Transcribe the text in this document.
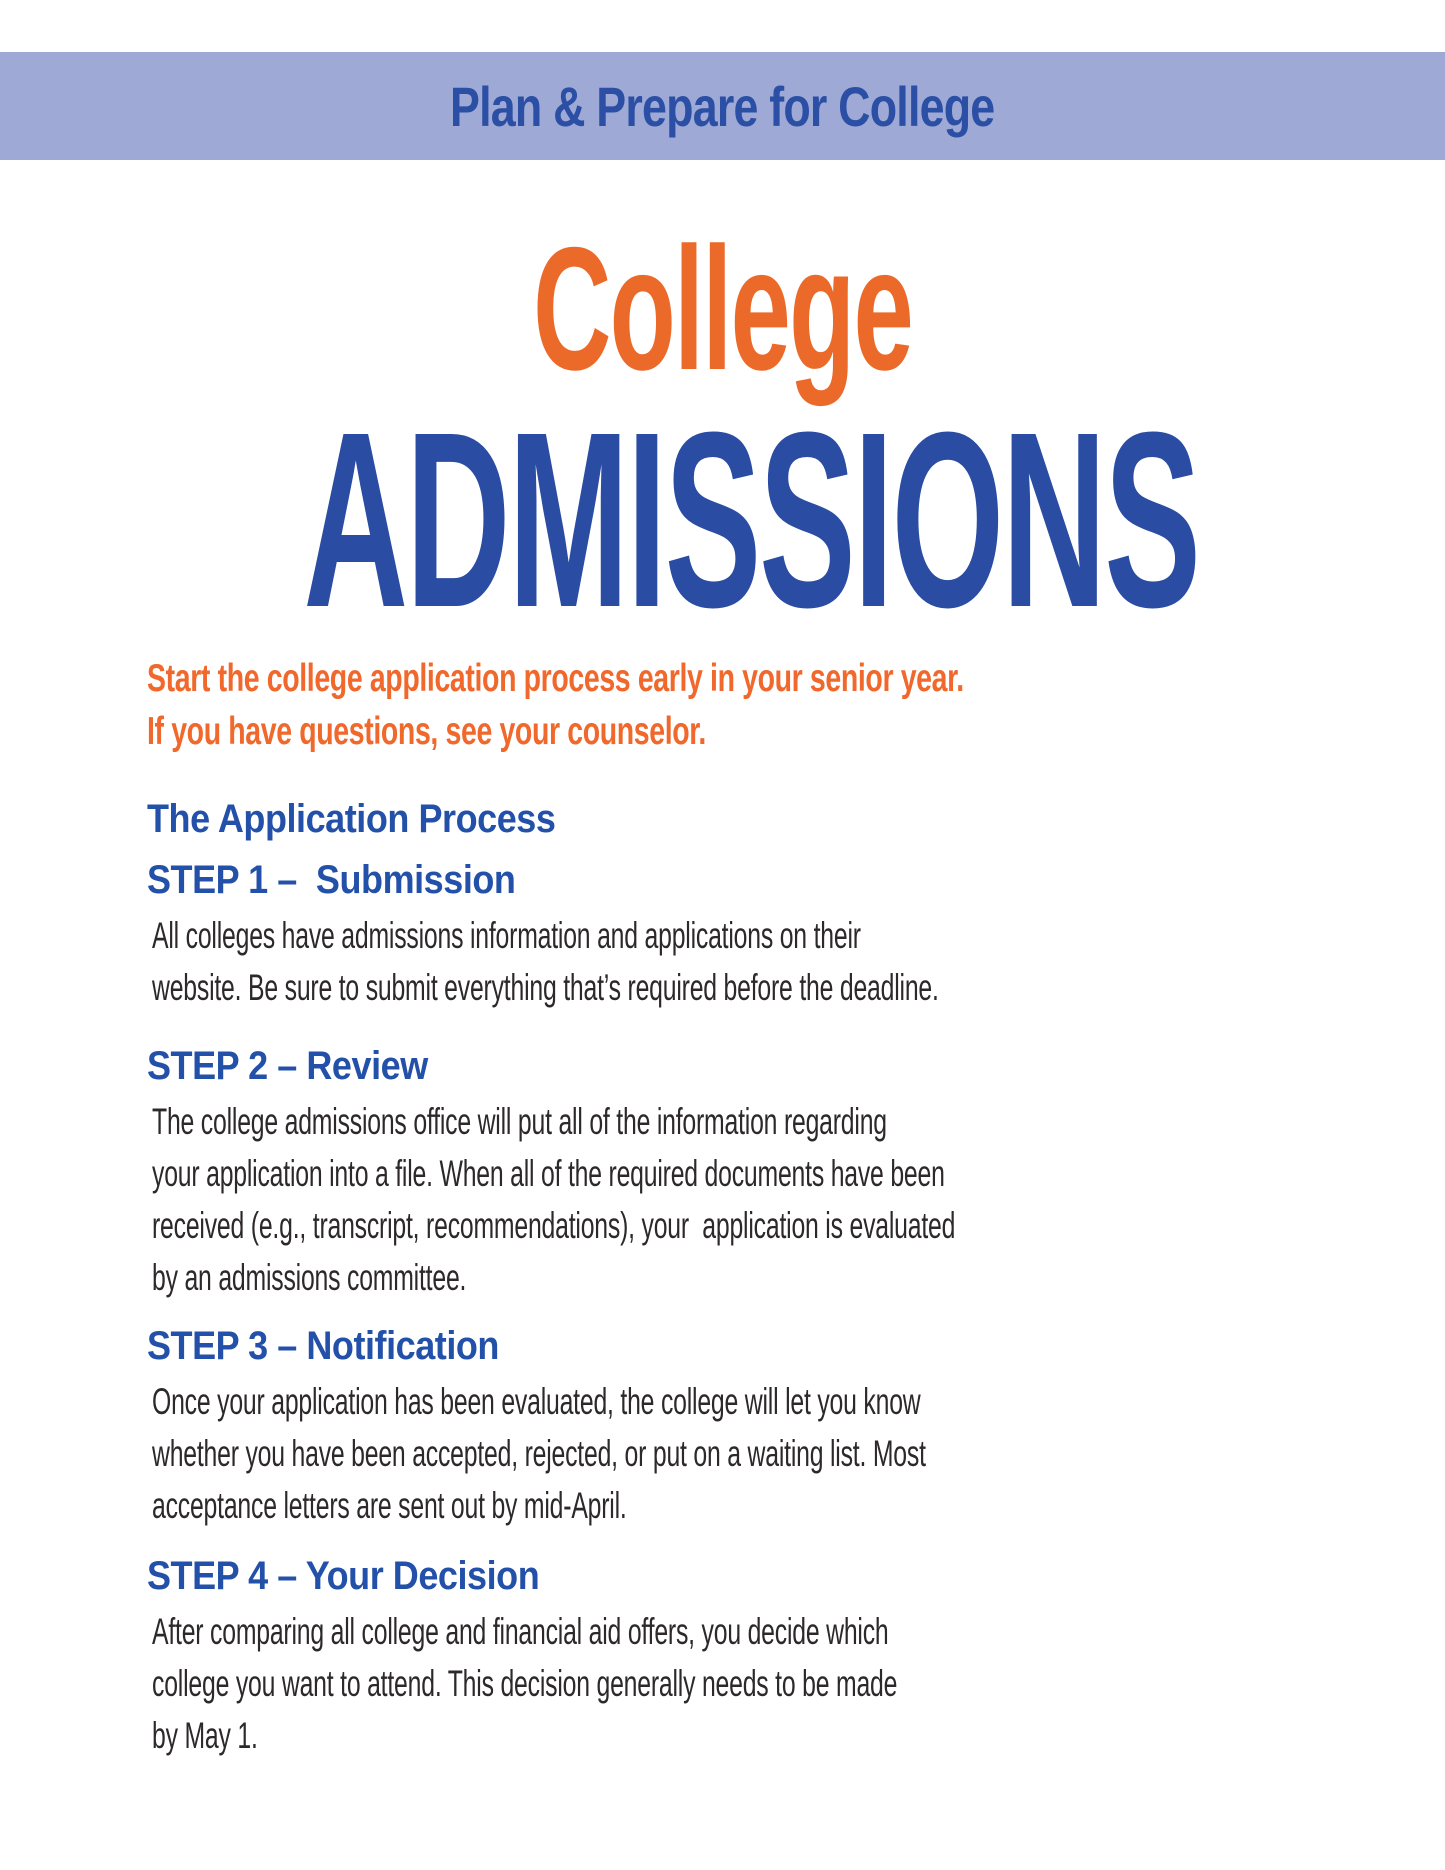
Plan & Prepare for College
College
ADMISSIONS
Start the college application process early in your senior year.
If you have questions, see your counselor.
The Application Process
STEP 1 –  Submission
All colleges have admissions information and applications on their
website. Be sure to submit everything that’s required before the deadline.
STEP 2 – Review
The college admissions office will put all of the information regarding
your application into a file. When all of the required documents have been
received (e.g., transcript, recommendations), your  application is evaluated
by an admissions committee.
STEP 3 – Notification
Once your application has been evaluated, the college will let you know
whether you have been accepted, rejected, or put on a waiting list. Most
acceptance letters are sent out by mid-April.
STEP 4 – Your Decision
After comparing all college and financial aid offers, you decide which
college you want to attend. This decision generally needs to be made
by May 1.
